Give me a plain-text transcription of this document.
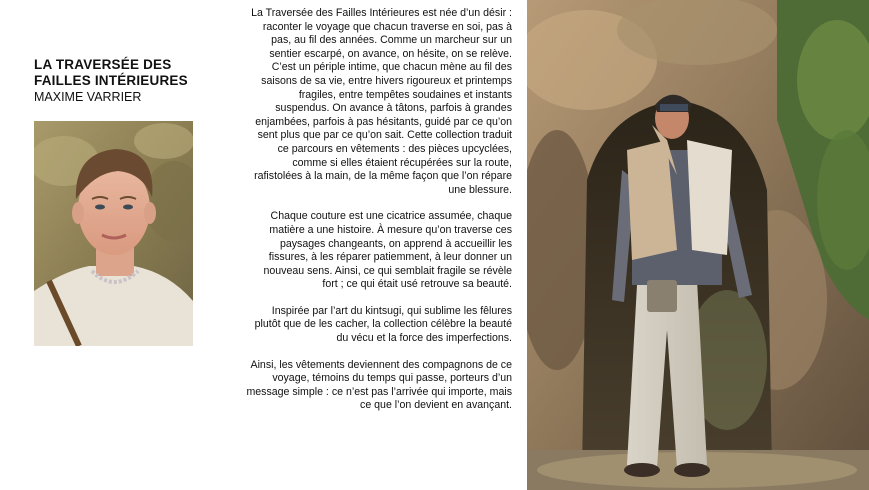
LA TRAVERSÉE DES FAILLES INTÉRIEURES

MAXIME VARRIER

La Traversée des Failles Intérieures est née d’un désir : raconter le voyage que chacun traverse en soi, pas à pas, au fil des années. Comme un marcheur sur un sentier escarpé, on avance, on hésite, on se relève. C’est un périple intime, que chacun mène au fil des saisons de sa vie, entre hivers rigoureux et printemps fragiles, entre tempêtes soudaines et instants suspendus. On avance à tâtons, parfois à grandes enjambées, parfois à pas hésitants, guidé par ce qu’on sent plus que par ce qu’on sait. Cette collection traduit ce parcours en vêtements : des pièces upcyclées, comme si elles étaient récupérées sur la route, rafistolées à la main, de la même façon que l’on répare une blessure.

Chaque couture est une cicatrice assumée, chaque matière a une histoire. À mesure qu’on traverse ces paysages changeants, on apprend à accueillir les fissures, à les réparer patiemment, à leur donner un nouveau sens. Ainsi, ce qui semblait fragile se révèle fort ; ce qui était usé retrouve sa beauté.

Inspirée par l’art du kintsugi, qui sublime les fêlures plutôt que de les cacher, la collection célèbre la beauté du vécu et la force des imperfections.

Ainsi, les vêtements deviennent des compagnons de ce voyage, témoins du temps qui passe, porteurs d’un message simple : ce n’est pas l’arrivée qui importe, mais ce que l’on devient en avançant.
